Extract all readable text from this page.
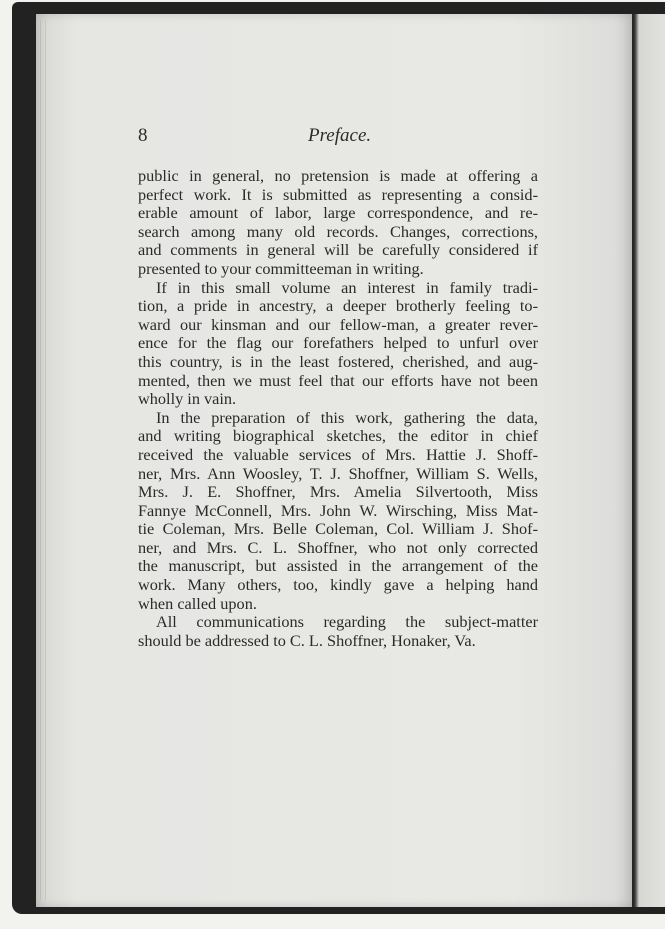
8	Preface.

public in general, no pretension is made at offering a
perfect work. It is submitted as representing a consid-
erable amount of labor, large correspondence, and re-
search among many old records. Changes, corrections,
and comments in general will be carefully considered if
presented to your committeeman in writing.

If in this small volume an interest in family tradi-
tion, a pride in ancestry, a deeper brotherly feeling to-
ward our kinsman and our fellow-man, a greater rever-
ence for the flag our forefathers helped to unfurl over
this country, is in the least fostered, cherished, and aug-
mented, then we must feel that our efforts have not been
wholly in vain.

In the preparation of this work, gathering the data,
and writing biographical sketches, the editor in chief
received the valuable services of Mrs. Hattie J. Shoff-
ner, Mrs. Ann Woosley, T. J. Shoffner, William S. Wells,
Mrs. J. E. Shoffner, Mrs. Amelia Silvertooth, Miss
Fannye McConnell, Mrs. John W. Wirsching, Miss Mat-
tie Coleman, Mrs. Belle Coleman, Col. William J. Shof-
ner, and Mrs. C. L. Shoffner, who not only corrected
the manuscript, but assisted in the arrangement of the
work. Many others, too, kindly gave a helping hand
when called upon.

All communications regarding the subject-matter
should be addressed to C. L. Shoffner, Honaker, Va.
